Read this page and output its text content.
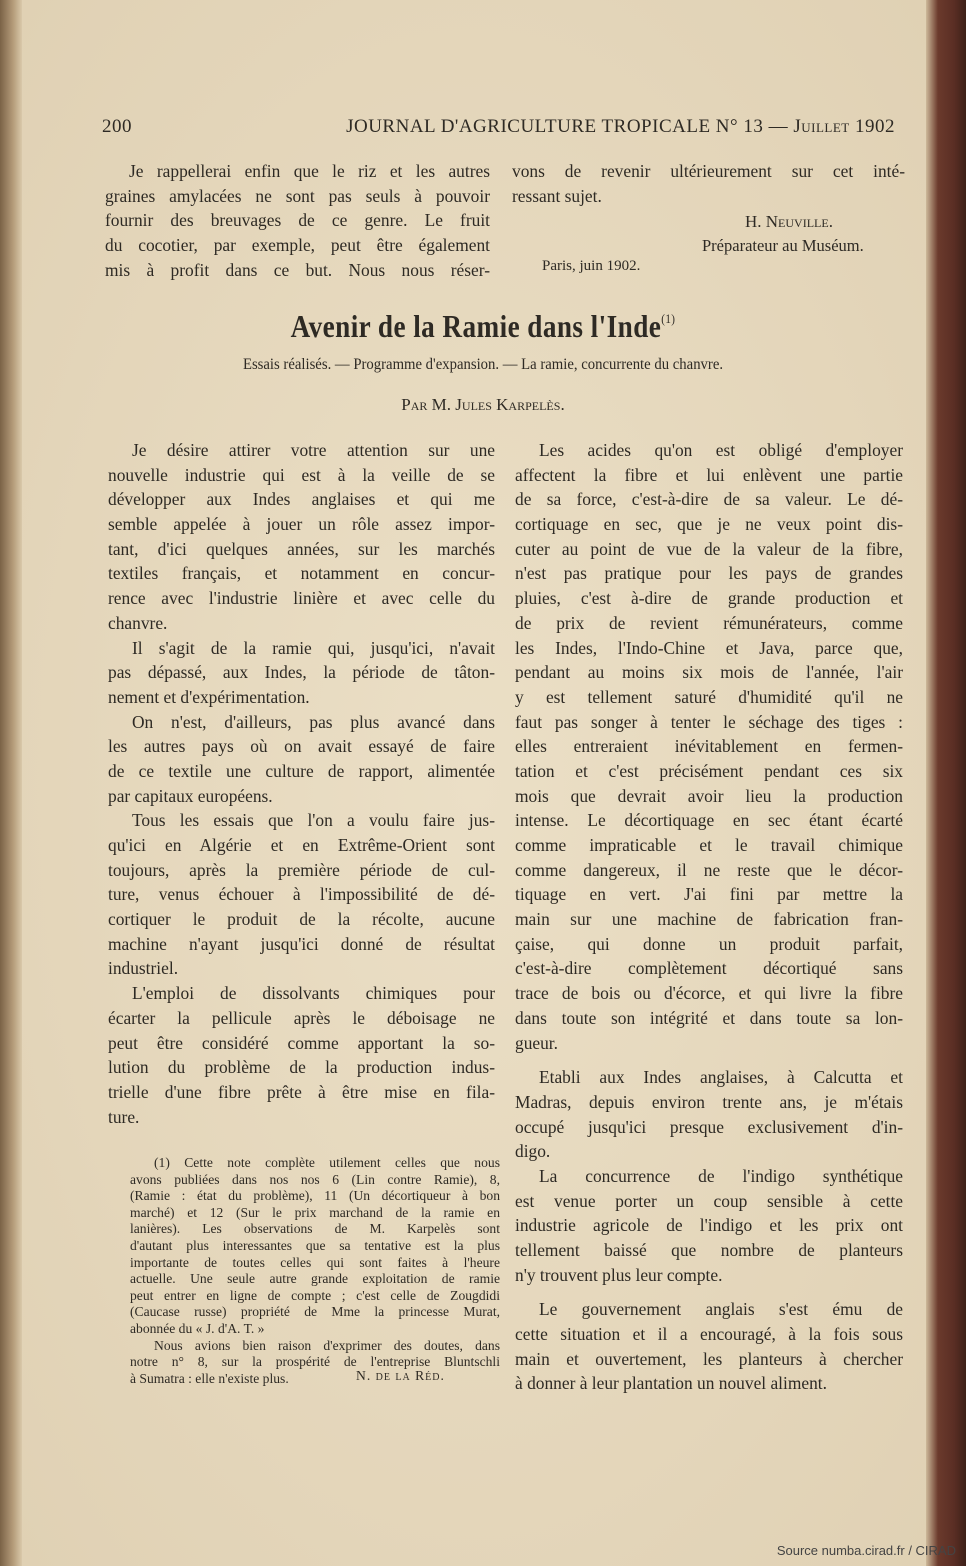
200	JOURNAL D'AGRICULTURE TROPICALE N° 13 — Juillet 1902
Je rappellerai enfin que le riz et les autres
graines amylacées ne sont pas seuls à pouvoir
fournir des breuvages de ce genre. Le fruit
du cocotier, par exemple, peut être également
mis à profit dans ce but. Nous nous réser-
vons de revenir ultérieurement sur cet inté-
ressant sujet.
H. Neuville.
Préparateur au Muséum.
Paris, juin 1902.
Avenir de la Ramie dans l'Inde$^{(1)}$
Essais réalisés. — Programme d'expansion. — La ramie, concurrente du chanvre.
Par M. Jules Karpelès.
Je désire attirer votre attention sur une
nouvelle industrie qui est à la veille de se
développer aux Indes anglaises et qui me
semble appelée à jouer un rôle assez impor-
tant, d'ici quelques années, sur les marchés
textiles français, et notamment en concur-
rence avec l'industrie linière et avec celle du
chanvre.
Il s'agit de la ramie qui, jusqu'ici, n'avait
pas dépassé, aux Indes, la période de tâton-
nement et d'expérimentation.
On n'est, d'ailleurs, pas plus avancé dans
les autres pays où on avait essayé de faire
de ce textile une culture de rapport, alimentée
par capitaux européens.
Tous les essais que l'on a voulu faire jus-
qu'ici en Algérie et en Extrême-Orient sont
toujours, après la première période de cul-
ture, venus échouer à l'impossibilité de dé-
cortiquer le produit de la récolte, aucune
machine n'ayant jusqu'ici donné de résultat
industriel.
L'emploi de dissolvants chimiques pour
écarter la pellicule après le déboisage ne
peut être considéré comme apportant la so-
lution du problème de la production indus-
trielle d'une fibre prête à être mise en fila-
ture.
Les acides qu'on est obligé d'employer
affectent la fibre et lui enlèvent une partie
de sa force, c'est-à-dire de sa valeur. Le dé-
cortiquage en sec, que je ne veux point dis-
cuter au point de vue de la valeur de la fibre,
n'est pas pratique pour les pays de grandes
pluies, c'est à-dire de grande production et
de prix de revient rémunérateurs, comme
les Indes, l'Indo-Chine et Java, parce que,
pendant au moins six mois de l'année, l'air
y est tellement saturé d'humidité qu'il ne
faut pas songer à tenter le séchage des tiges :
elles entreraient inévitablement en fermen-
tation et c'est précisément pendant ces six
mois que devrait avoir lieu la production
intense. Le décortiquage en sec étant écarté
comme impraticable et le travail chimique
comme dangereux, il ne reste que le décor-
tiquage en vert. J'ai fini par mettre la
main sur une machine de fabrication fran-
çaise, qui donne un produit parfait,
c'est-à-dire complètement décortiqué sans
trace de bois ou d'écorce, et qui livre la fibre
dans toute son intégrité et dans toute sa lon-
gueur.
Etabli aux Indes anglaises, à Calcutta et
Madras, depuis environ trente ans, je m'étais
occupé jusqu'ici presque exclusivement d'in-
digo.
La concurrence de l'indigo synthétique
est venue porter un coup sensible à cette
industrie agricole de l'indigo et les prix ont
tellement baissé que nombre de planteurs
n'y trouvent plus leur compte.
Le gouvernement anglais s'est ému de
cette situation et il a encouragé, à la fois sous
main et ouvertement, les planteurs à chercher
à donner à leur plantation un nouvel aliment.
(1) Cette note complète utilement celles que nous
avons publiées dans nos nos 6 (Lin contre Ramie), 8,
(Ramie : état du problème), 11 (Un décortiqueur à bon
marché) et 12 (Sur le prix marchand de la ramie en
lanières). Les observations de M. Karpelès sont
d'autant plus interessantes que sa tentative est la plus
importante de toutes celles qui sont faites à l'heure
actuelle. Une seule autre grande exploitation de ramie
peut entrer en ligne de compte ; c'est celle de Zougdidi
(Caucase russe) propriété de Mme la princesse Murat,
abonnée du « J. d'A. T. »
Nous avions bien raison d'exprimer des doutes, dans
notre n° 8, sur la prospérité de l'entreprise Bluntschli
à Sumatra : elle n'existe plus.	N. de la Réd.
Source numba.cirad.fr / CIRAD
